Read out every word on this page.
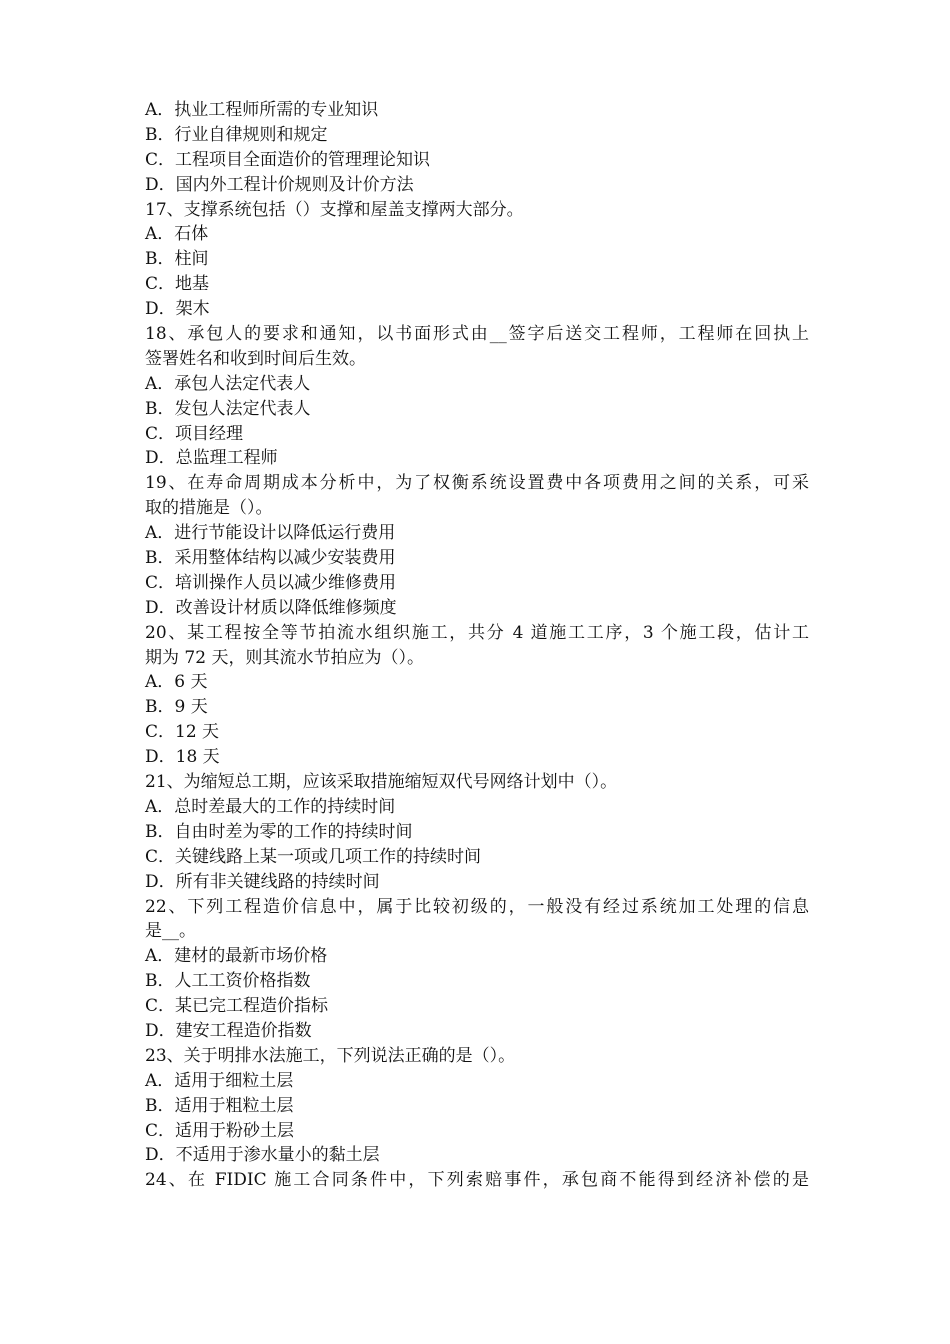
A．执业工程师所需的专业知识
B．行业自律规则和规定
C．工程项目全面造价的管理理论知识
D．国内外工程计价规则及计价方法
17、支撑系统包括（）支撑和屋盖支撑两大部分。
A．石体
B．柱间
C．地基
D．架木
18、承包人的要求和通知，以书面形式由__签字后送交工程师，工程师在回执上
签署姓名和收到时间后生效。
A．承包人法定代表人
B．发包人法定代表人
C．项目经理
D．总监理工程师
19、在寿命周期成本分析中，为了权衡系统设置费中各项费用之间的关系，可采
取的措施是（）。
A．进行节能设计以降低运行费用
B．采用整体结构以减少安装费用
C．培训操作人员以减少维修费用
D．改善设计材质以降低维修频度
20、某工程按全等节拍流水组织施工，共分 4 道施工工序，3 个施工段，估计工
期为 72 天，则其流水节拍应为（）。
A．6 天
B．9 天
C．12 天
D．18 天
21、为缩短总工期，应该采取措施缩短双代号网络计划中（）。
A．总时差最大的工作的持续时间
B．自由时差为零的工作的持续时间
C．关键线路上某一项或几项工作的持续时间
D．所有非关键线路的持续时间
22、下列工程造价信息中，属于比较初级的，一般没有经过系统加工处理的信息
是__。
A．建材的最新市场价格
B．人工工资价格指数
C．某已完工程造价指标
D．建安工程造价指数
23、关于明排水法施工，下列说法正确的是（）。
A．适用于细粒土层
B．适用于粗粒土层
C．适用于粉砂土层
D．不适用于渗水量小的黏土层
24、在 FIDIC 施工合同条件中，下列索赔事件，承包商不能得到经济补偿的是
